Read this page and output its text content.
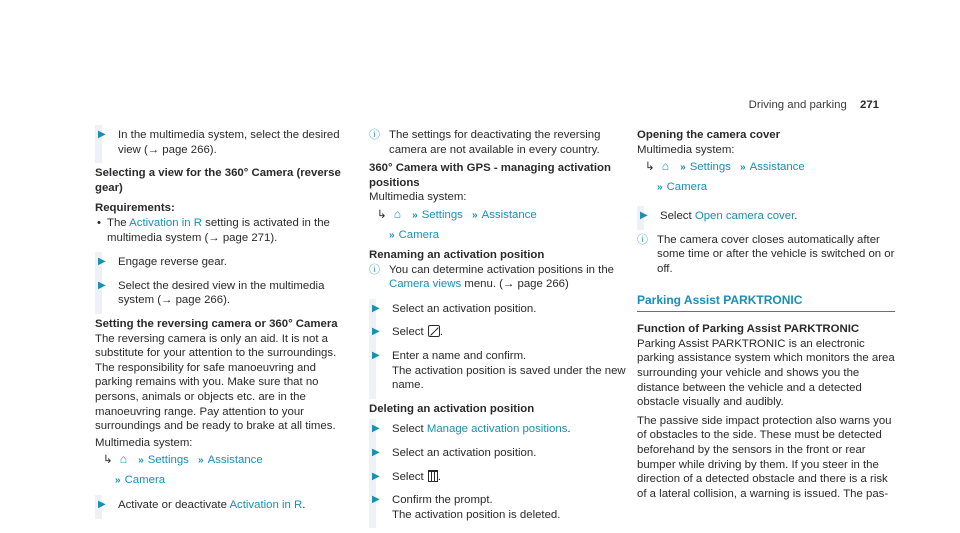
Driving and parking 271
▶ In the multimedia system, select the desired view (→ page 266).
Selecting a view for the 360° Camera (reverse gear)
Requirements:
• The Activation in R setting is activated in the multimedia system (→ page 271).
▶ Engage reverse gear.
▶ Select the desired view in the multimedia system (→ page 266).
Setting the reversing camera or 360° Camera
The reversing camera is only an aid. It is not a substitute for your attention to the surroundings. The responsibility for safe manoeuvring and parking remains with you. Make sure that no persons, animals or objects etc. are in the manoeuvring range. Pay attention to your surroundings and be ready to brake at all times.
Multimedia system:
↳ ⌂ » Settings » Assistance
» Camera
▶ Activate or deactivate Activation in R.
ⓘ The settings for deactivating the reversing camera are not available in every country.
360° Camera with GPS - managing activation positions
Multimedia system:
↳ ⌂ » Settings » Assistance
» Camera
Renaming an activation position
ⓘ You can determine activation positions in the Camera views menu. (→ page 266)
▶ Select an activation position.
▶ Select .
▶ Enter a name and confirm.
The activation position is saved under the new name.
Deleting an activation position
▶ Select Manage activation positions.
▶ Select an activation position.
▶ Select .
▶ Confirm the prompt.
The activation position is deleted.
Opening the camera cover
Multimedia system:
↳ ⌂ » Settings » Assistance
» Camera
▶ Select Open camera cover.
ⓘ The camera cover closes automatically after some time or after the vehicle is switched on or off.
Parking Assist PARKTRONIC
Function of Parking Assist PARKTRONIC
Parking Assist PARKTRONIC is an electronic parking assistance system which monitors the area surrounding your vehicle and shows you the distance between the vehicle and a detected obstacle visually and audibly.
The passive side impact protection also warns you of obstacles to the side. These must be detected beforehand by the sensors in the front or rear bumper while driving by them. If you steer in the direction of a detected obstacle and there is a risk of a lateral collision, a warning is issued. The pas-
